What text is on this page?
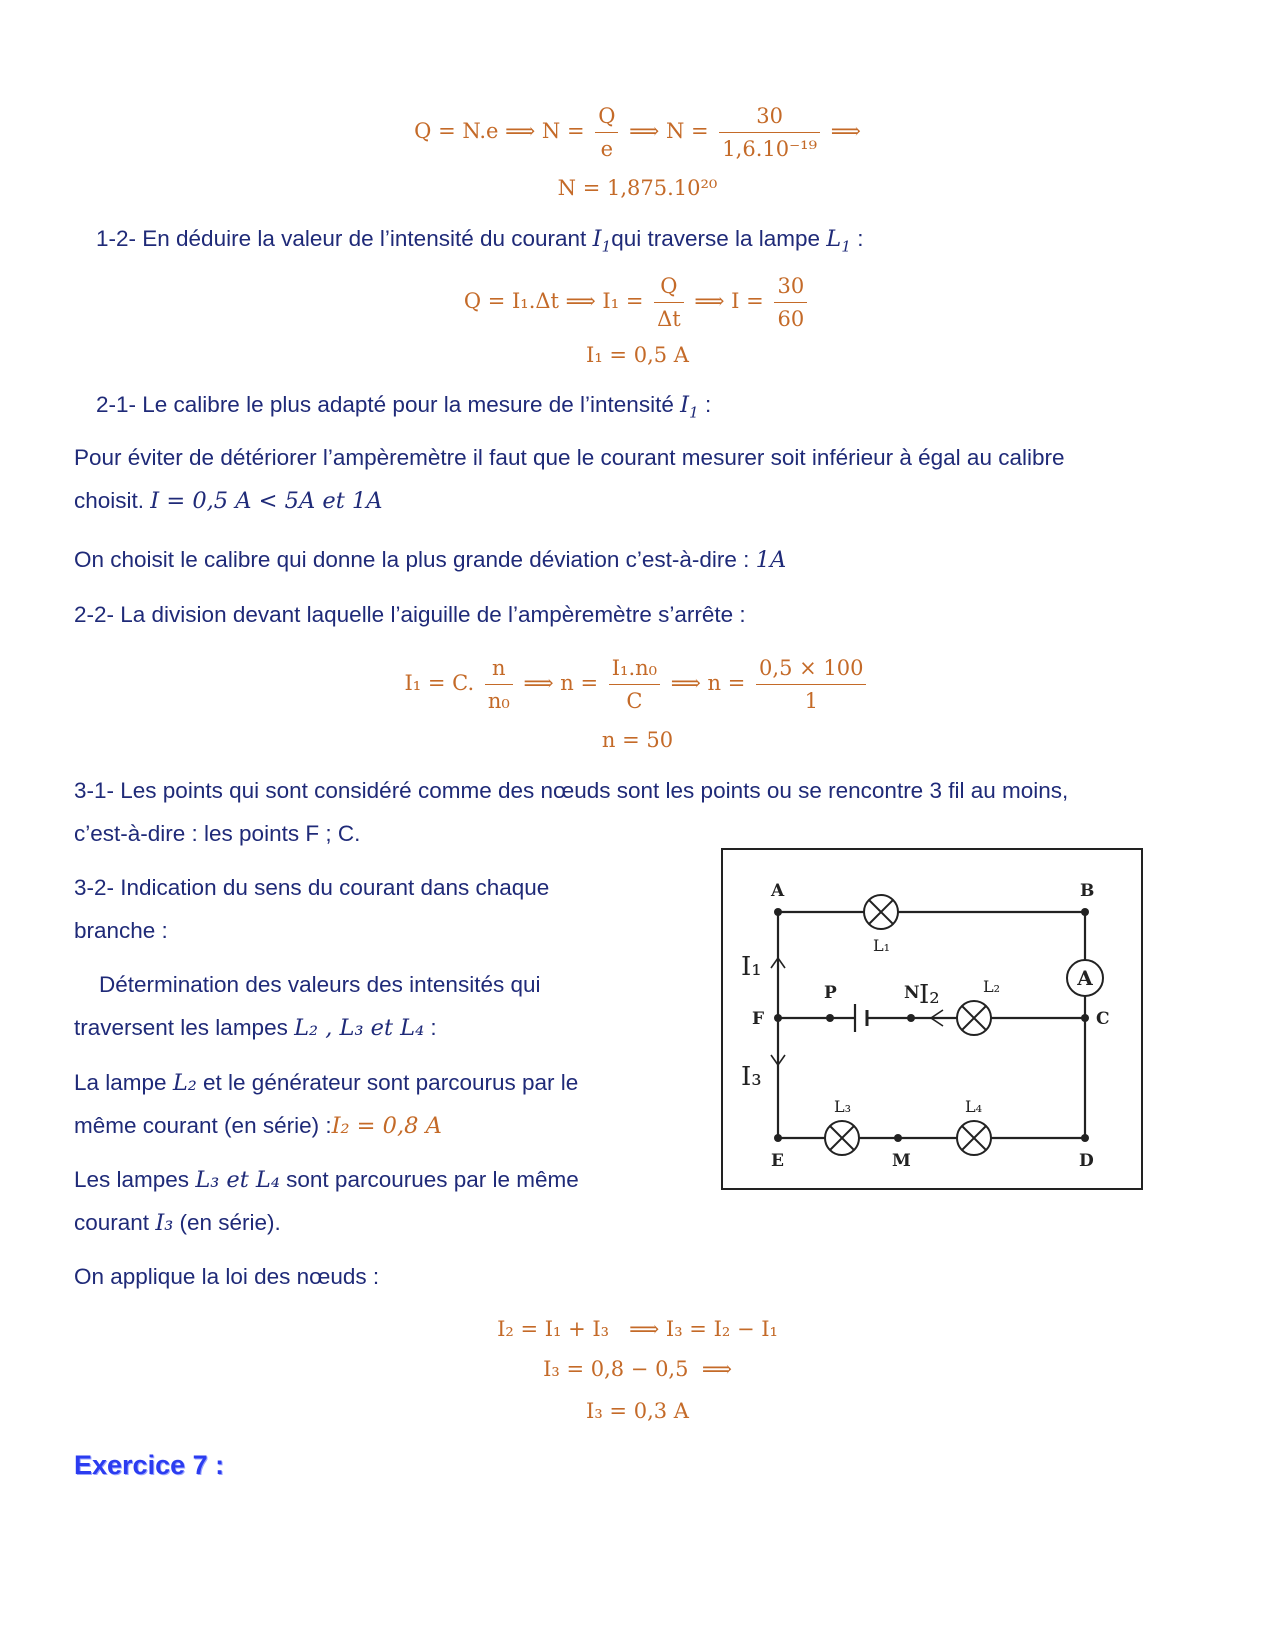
Q = N.e ⟹ $N = \frac{Q}{e}$ ⟹ $N = \frac{30}{\text{1,6.10⁻¹⁹}}$ ⟹
N = 1,875.10²⁰
1-2- En déduire la valeur de l’intensité du courant $I_1qui$ traverse la lampe $L_1$ :
Q = I₁.Δt ⟹ $I_1 = \frac{Q}{\Delta t}$ ⟹ $I = \frac{30}{60}$
I₁ = 0,5 A
2-1- Le calibre le plus adapté pour la mesure de l’intensité $I_1$ :
Pour éviter de détériorer l’ampèremètre il faut que le courant mesurer soit inférieur à égal au calibre
choisit. I = 0,5 A < 5A et 1A
On choisit le calibre qui donne la plus grande déviation c’est-à-dire : 1A
2-2- La division devant laquelle l’aiguille de l’ampèremètre s’arrête :
I₁ = C. $\frac{n}{\text{n₀}}$ ⟹ $n = \frac{\text{I₁.n₀}}{C}$ ⟹ $n = \frac{0,5 \times 100}{1}$
n = 50
3-1- Les points qui sont considéré comme des nœuds sont les points ou se rencontre 3 fil au moins,
c’est-à-dire : les points F ; C.
3-2- Indication du sens du courant dans chaque
branche :
Détermination des valeurs des intensités qui
traversent les lampes L₂ , L₃ et L₄ :
La lampe L₂ et le générateur sont parcourus par le
même courant (en série) :I₂ = 0,8 A
Les lampes L₃ et L₄ sont parcourues par le même
courant I₃ (en série).
On applique la loi des nœuds :
I₂ = I₁ + I₃   ⟹ I₃ = I₂ − I₁
I₃ = 0,8 − 0,5  ⟹
I₃ = 0,3 A
Exercice 7 :
A
A	B
C
D
E
F
M
P	N
L₁
L₂
L₃	L₄
I₁
I₂
I₃
